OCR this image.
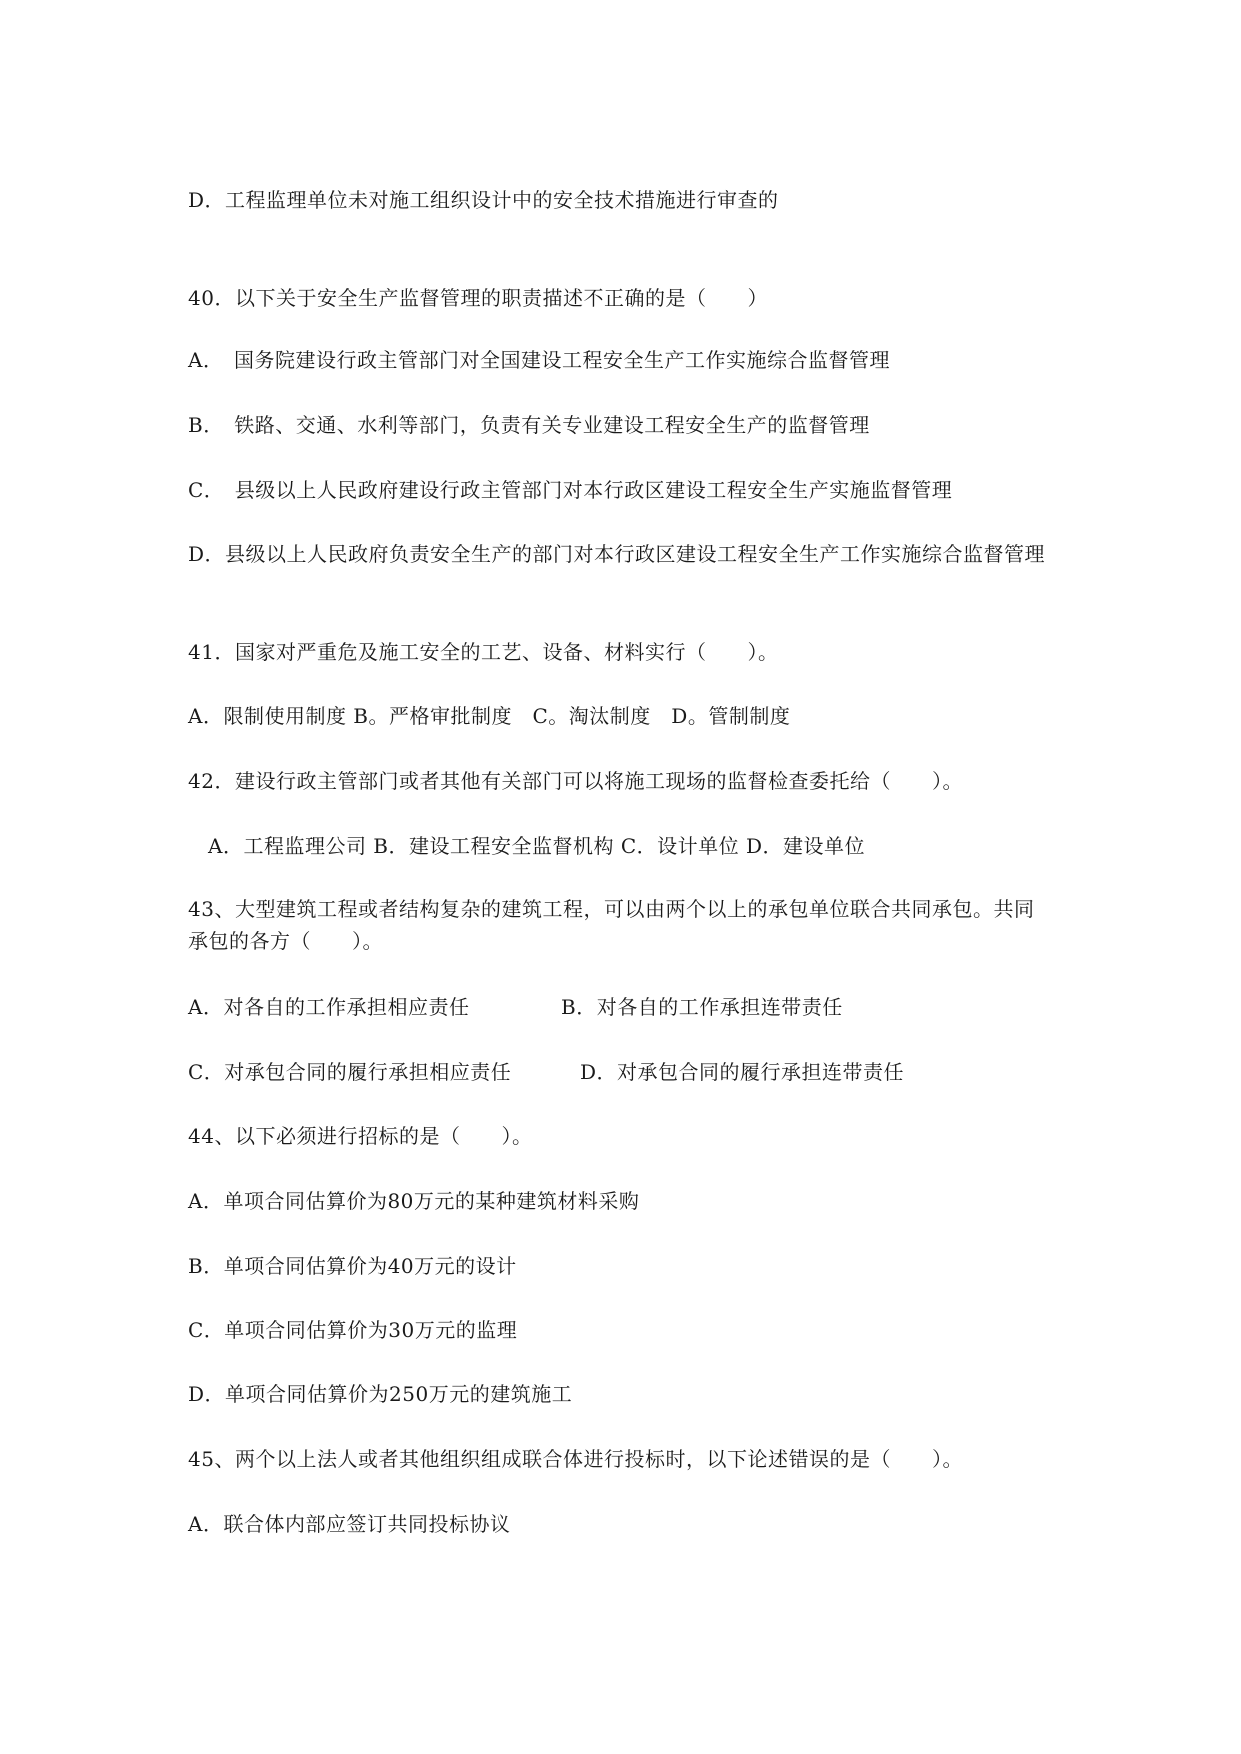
D．工程监理单位未对施工组织设计中的安全技术措施进行审查的
40．以下关于安全生产监督管理的职责描述不正确的是（　　）
A．　国务院建设行政主管部门对全国建设工程安全生产工作实施综合监督管理
B．　铁路、交通、水利等部门，负责有关专业建设工程安全生产的监督管理
C．　县级以上人民政府建设行政主管部门对本行政区建设工程安全生产实施监督管理
D．县级以上人民政府负责安全生产的部门对本行政区建设工程安全生产工作实施综合监督管理
41．国家对严重危及施工安全的工艺、设备、材料实行（　　）。
A．限制使用制度 B。严格审批制度　C。淘汰制度　D。管制制度
42．建设行政主管部门或者其他有关部门可以将施工现场的监督检查委托给（　　）。
A．工程监理公司 B．建设工程安全监督机构 C．设计单位 D．建设单位
43、大型建筑工程或者结构复杂的建筑工程，可以由两个以上的承包单位联合共同承包。共同承包的各方（　　）。
A．对各自的工作承担相应责任	B．对各自的工作承担连带责任
C．对承包合同的履行承担相应责任	D．对承包合同的履行承担连带责任
44、以下必须进行招标的是（　　）。
A．单项合同估算价为80万元的某种建筑材料采购
B．单项合同估算价为40万元的设计
C．单项合同估算价为30万元的监理
D．单项合同估算价为250万元的建筑施工
45、两个以上法人或者其他组织组成联合体进行投标时，以下论述错误的是（　　）。
A．联合体内部应签订共同投标协议
